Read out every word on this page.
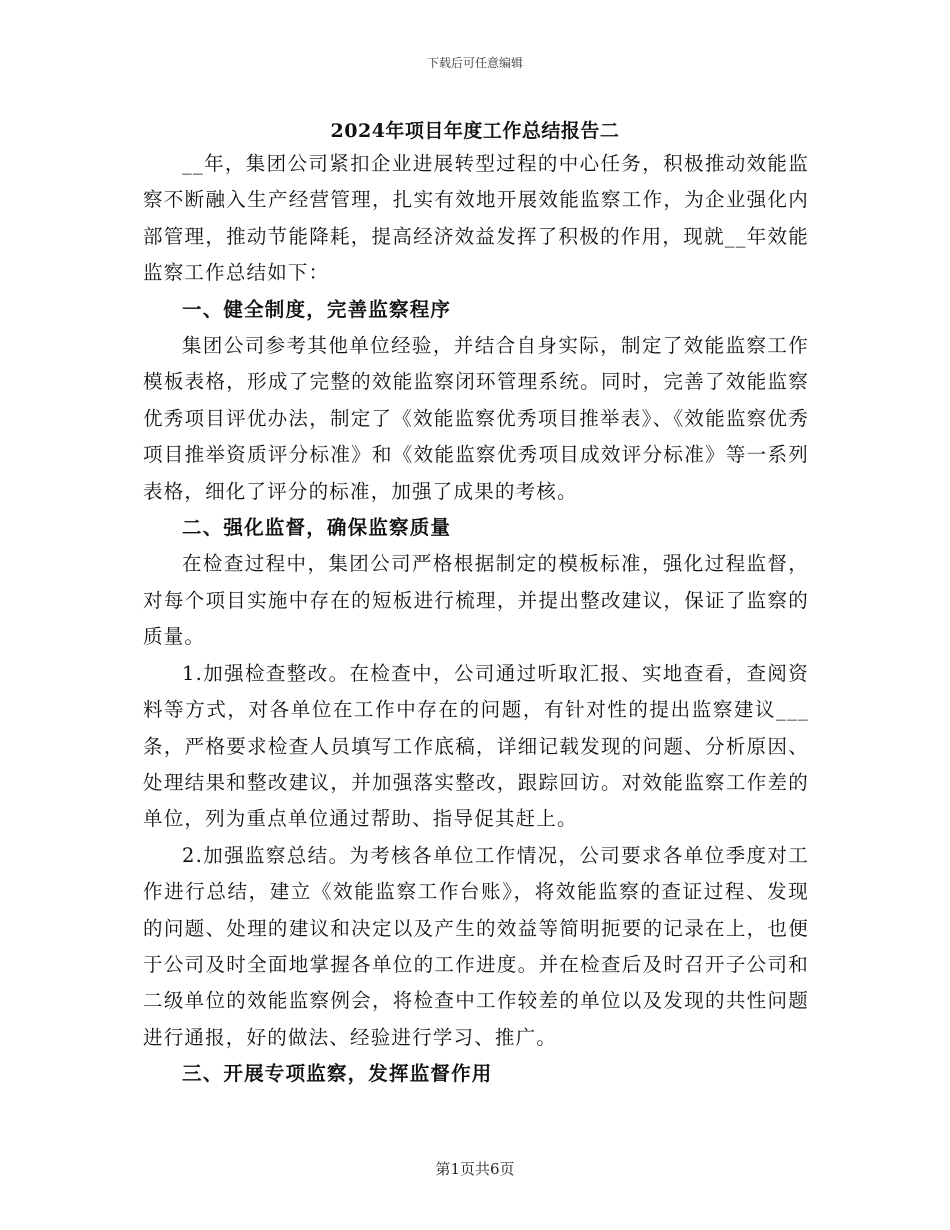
下载后可任意编辑
2024年项目年度工作总结报告二

__年，集团公司紧扣企业进展转型过程的中心任务，积极推动效能监察不断融入生产经营管理，扎实有效地开展效能监察工作，为企业强化内部管理，推动节能降耗，提高经济效益发挥了积极的作用，现就__年效能监察工作总结如下：

一、健全制度，完善监察程序

集团公司参考其他单位经验，并结合自身实际，制定了效能监察工作模板表格，形成了完整的效能监察闭环管理系统。同时，完善了效能监察优秀项目评优办法，制定了《效能监察优秀项目推举表》、《效能监察优秀项目推举资质评分标准》和《效能监察优秀项目成效评分标准》等一系列表格，细化了评分的标准，加强了成果的考核。

二、强化监督，确保监察质量

在检查过程中，集团公司严格根据制定的模板标准，强化过程监督，对每个项目实施中存在的短板进行梳理，并提出整改建议，保证了监察的质量。

1.加强检查整改。在检查中，公司通过听取汇报、实地查看，查阅资料等方式，对各单位在工作中存在的问题，有针对性的提出监察建议___条，严格要求检查人员填写工作底稿，详细记载发现的问题、分析原因、处理结果和整改建议，并加强落实整改，跟踪回访。对效能监察工作差的单位，列为重点单位通过帮助、指导促其赶上。

2.加强监察总结。为考核各单位工作情况，公司要求各单位季度对工作进行总结，建立《效能监察工作台账》，将效能监察的查证过程、发现的问题、处理的建议和决定以及产生的效益等简明扼要的记录在上，也便于公司及时全面地掌握各单位的工作进度。并在检查后及时召开子公司和二级单位的效能监察例会，将检查中工作较差的单位以及发现的共性问题进行通报，好的做法、经验进行学习、推广。

三、开展专项监察，发挥监督作用
第1页共6页
